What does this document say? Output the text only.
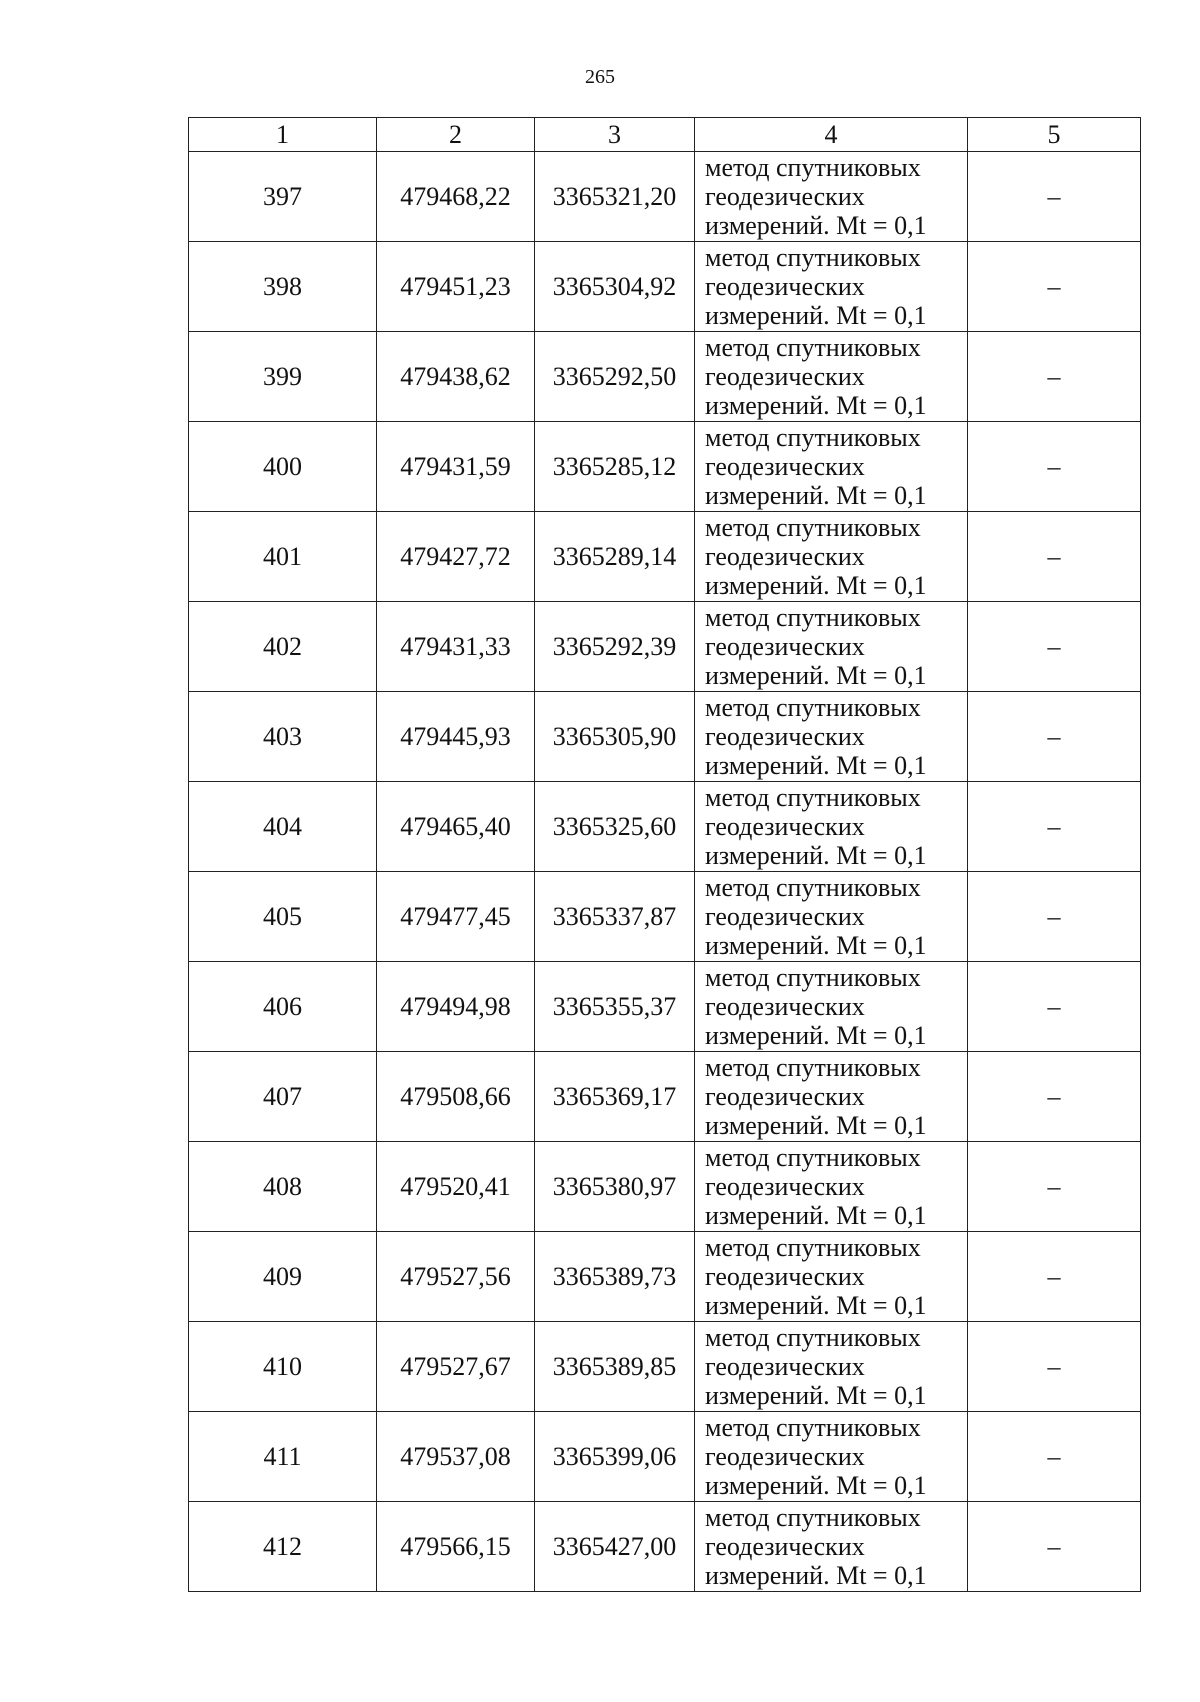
265
1	2	3	4	5
397	479468,22	3365321,20	метод спутниковых
геодезических
измерений. Mt = 0,1	–
398	479451,23	3365304,92	метод спутниковых
геодезических
измерений. Mt = 0,1	–
399	479438,62	3365292,50	метод спутниковых
геодезических
измерений. Mt = 0,1	–
400	479431,59	3365285,12	метод спутниковых
геодезических
измерений. Mt = 0,1	–
401	479427,72	3365289,14	метод спутниковых
геодезических
измерений. Mt = 0,1	–
402	479431,33	3365292,39	метод спутниковых
геодезических
измерений. Mt = 0,1	–
403	479445,93	3365305,90	метод спутниковых
геодезических
измерений. Mt = 0,1	–
404	479465,40	3365325,60	метод спутниковых
геодезических
измерений. Mt = 0,1	–
405	479477,45	3365337,87	метод спутниковых
геодезических
измерений. Mt = 0,1	–
406	479494,98	3365355,37	метод спутниковых
геодезических
измерений. Mt = 0,1	–
407	479508,66	3365369,17	метод спутниковых
геодезических
измерений. Mt = 0,1	–
408	479520,41	3365380,97	метод спутниковых
геодезических
измерений. Mt = 0,1	–
409	479527,56	3365389,73	метод спутниковых
геодезических
измерений. Mt = 0,1	–
410	479527,67	3365389,85	метод спутниковых
геодезических
измерений. Mt = 0,1	–
411	479537,08	3365399,06	метод спутниковых
геодезических
измерений. Mt = 0,1	–
412	479566,15	3365427,00	метод спутниковых
геодезических
измерений. Mt = 0,1	–
